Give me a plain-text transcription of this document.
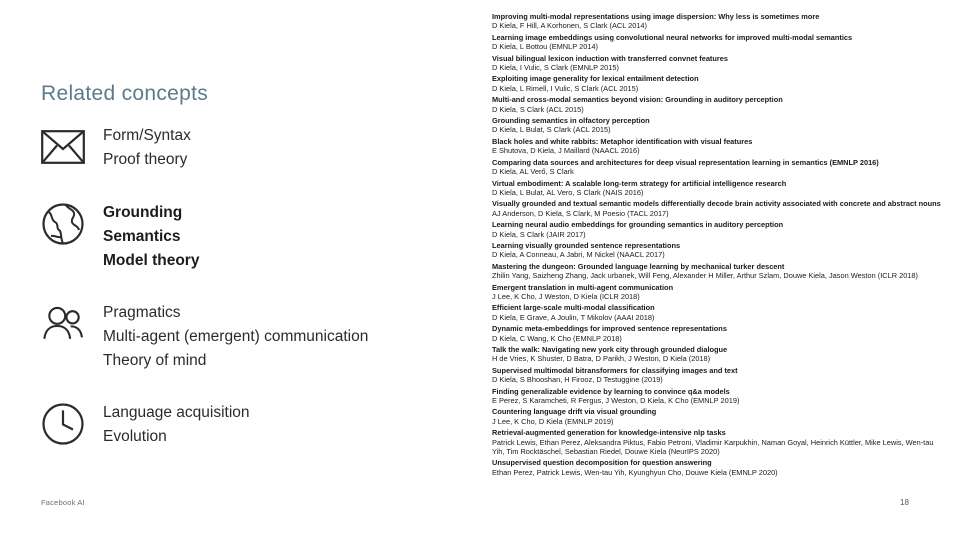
Related concepts
Form/Syntax
Proof theory
Grounding
Semantics
Model theory
Pragmatics
Multi-agent (emergent) communication
Theory of mind
Language acquisition
Evolution
Facebook AI
Improving multi-modal representations using image dispersion: Why less is sometimes more
D Kiela, F Hill, A Korhonen, S Clark (ACL 2014)
Learning image embeddings using convolutional neural networks for improved multi-modal semantics
D Kiela, L Bottou (EMNLP 2014)
Visual bilingual lexicon induction with transferred convnet features
D Kiela, I Vulic, S Clark (EMNLP 2015)
Exploiting image generality for lexical entailment detection
D Kiela, L Rimell, I Vulic, S Clark (ACL 2015)
Multi-and cross-modal semantics beyond vision: Grounding in auditory perception
D Kiela, S Clark (ACL 2015)
Grounding semantics in olfactory perception
D Kiela, L Bulat, S Clark (ACL 2015)
Black holes and white rabbits: Metaphor identification with visual features
E Shutova, D Kiela, J Maillard (NAACL 2016)
Comparing data sources and architectures for deep visual representation learning in semantics (EMNLP 2016)
D Kiela, AL Verő, S Clark
Virtual embodiment: A scalable long-term strategy for artificial intelligence research
D Kiela, L Bulat, AL Vero, S Clark (NAIS 2016)
Visually grounded and textual semantic models differentially decode brain activity associated with concrete and abstract nouns
AJ Anderson, D Kiela, S Clark, M Poesio (TACL 2017)
Learning neural audio embeddings for grounding semantics in auditory perception
D Kiela, S Clark (JAIR 2017)
Learning visually grounded sentence representations
D Kiela, A Conneau, A Jabri, M Nickel (NAACL 2017)
Mastering the dungeon: Grounded language learning by mechanical turker descent
Zhilin Yang, Saizheng Zhang, Jack urbanek, Will Feng, Alexander H Miller, Arthur Szlam, Douwe Kiela, Jason Weston (ICLR 2018)
Emergent translation in multi-agent communication
J Lee, K Cho, J Weston, D Kiela (ICLR 2018)
Efficient large-scale multi-modal classification
D Kiela, E Grave, A Joulin, T Mikolov (AAAI 2018)
Dynamic meta-embeddings for improved sentence representations
D Kiela, C Wang, K Cho (EMNLP 2018)
Talk the walk: Navigating new york city through grounded dialogue
H de Vries, K Shuster, D Batra, D Parikh, J Weston, D Kiela (2018)
Supervised multimodal bitransformers for classifying images and text
D Kiela, S Bhooshan, H Firooz, D Testuggine (2019)
Finding generalizable evidence by learning to convince q&a models
E Perez, S Karamcheti, R Fergus, J Weston, D Kiela, K Cho (EMNLP 2019)
Countering language drift via visual grounding
J Lee, K Cho, D Kiela (EMNLP 2019)
Retrieval-augmented generation for knowledge-intensive nlp tasks
Patrick Lewis, Ethan Perez, Aleksandra Piktus, Fabio Petroni, Vladimir Karpukhin, Naman Goyal, Heinrich Küttler, Mike Lewis, Wen-tau Yih, Tim Rocktäschel, Sebastian Riedel, Douwe Kiela (NeurIPS 2020)
Unsupervised question decomposition for question answering
Ethan Perez, Patrick Lewis, Wen-tau Yih, Kyunghyun Cho, Douwe Kiela (EMNLP 2020)
18
